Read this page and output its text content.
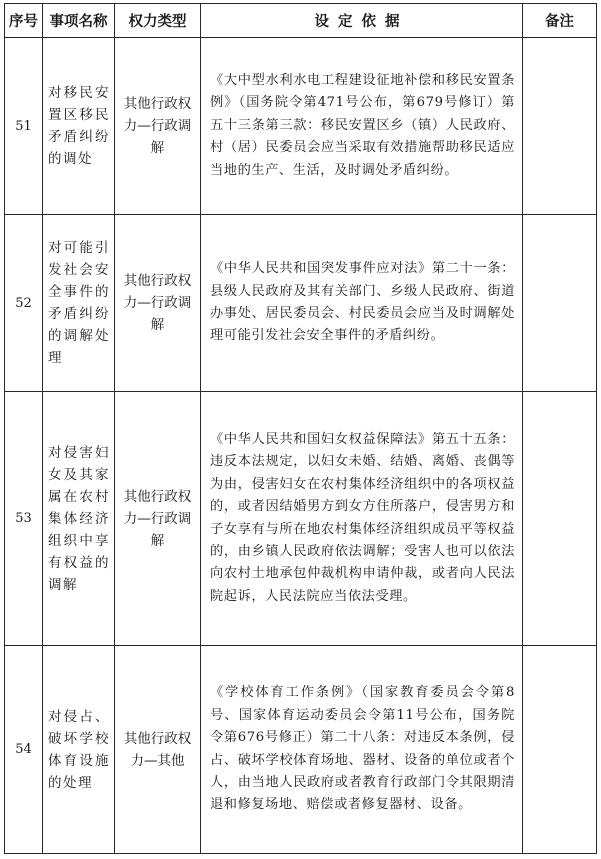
序号	事项名称	权力类型	设定依据	备注
51	对移民安置区移民矛盾纠纷的调处	其他行政权力—行政调解	《大中型水利水电工程建设征地补偿和移民安置条例》（国务院令第471号公布，第679号修订）第五十三条第三款：移民安置区乡（镇）人民政府、村（居）民委员会应当采取有效措施帮助移民适应当地的生产、生活，及时调处矛盾纠纷。	
52	对可能引发社会安全事件的矛盾纠纷的调解处理	其他行政权力—行政调解	《中华人民共和国突发事件应对法》第二十一条：县级人民政府及其有关部门、乡级人民政府、街道办事处、居民委员会、村民委员会应当及时调解处理可能引发社会安全事件的矛盾纠纷。	
53	对侵害妇女及其家属在农村集体经济组织中享有权益的调解	其他行政权力—行政调解	《中华人民共和国妇女权益保障法》第五十五条：违反本法规定，以妇女未婚、结婚、离婚、丧偶等为由，侵害妇女在农村集体经济组织中的各项权益的，或者因结婚男方到女方住所落户，侵害男方和子女享有与所在地农村集体经济组织成员平等权益的，由乡镇人民政府依法调解；受害人也可以依法向农村土地承包仲裁机构申请仲裁，或者向人民法院起诉，人民法院应当依法受理。	
54	对侵占、破坏学校体育设施的处理	其他行政权力—其他	《学校体育工作条例》（国家教育委员会令第8号、国家体育运动委员会令第11号公布，国务院令第676号修正）第二十八条：对违反本条例，侵占、破坏学校体育场地、器材、设备的单位或者个人，由当地人民政府或者教育行政部门令其限期清退和修复场地、赔偿或者修复器材、设备。	
